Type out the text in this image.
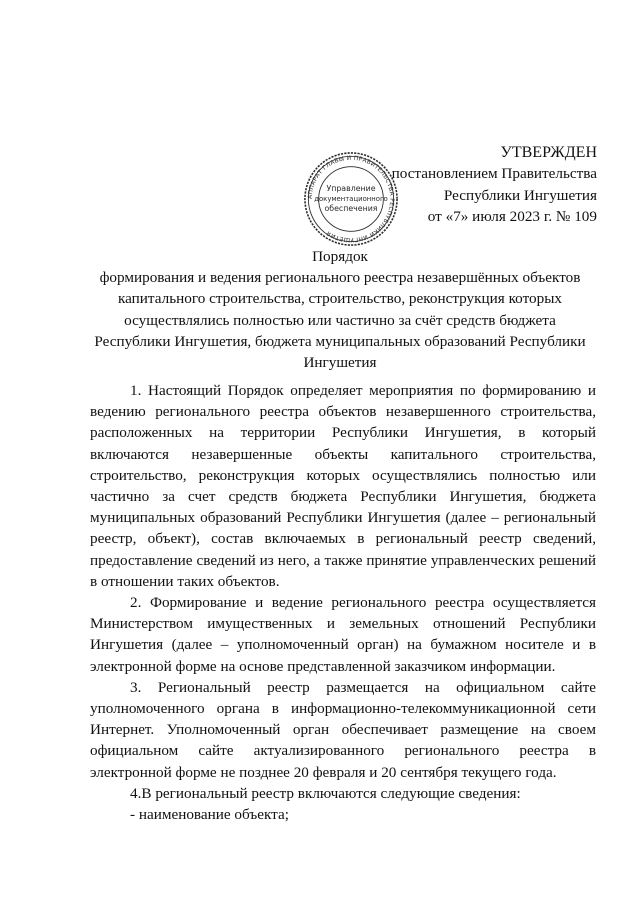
УТВЕРЖДЕН
постановлением Правительства
Республики Ингушетия
от «7» июля 2023 г. № 109
АППАРАТ ГЛАВЫ И ПРАВИТЕЛЬСТВА РЕСПУБЛИКИ ИНГУШЕТИЯ
Управление
документационного
обеспечения
Порядок
формирования и ведения регионального реестра незавершённых объектов
капитального строительства, строительство, реконструкция которых
осуществлялись полностью или частично за счёт средств бюджета
Республики Ингушетия, бюджета муниципальных образований Республики
Ингушетия

1. Настоящий Порядок определяет мероприятия по формированию и ведению регионального реестра объектов незавершенного строительства, расположенных на территории Республики Ингушетия, в который включаются незавершенные объекты капитального строительства, строительство, реконструкция которых осуществлялись полностью или частично за счет средств бюджета Республики Ингушетия, бюджета муниципальных образований Республики Ингушетия (далее – региональный реестр, объект), состав включаемых в региональный реестр сведений, предоставление сведений из него, а также принятие управленческих решений в отношении таких объектов.

2. Формирование и ведение регионального реестра осуществляется Министерством имущественных и земельных отношений Республики Ингушетия (далее – уполномоченный орган) на бумажном носителе и в электронной форме на основе представленной заказчиком информации.

3. Региональный реестр размещается на официальном сайте уполномоченного органа в информационно-телекоммуникационной сети Интернет. Уполномоченный орган обеспечивает размещение на своем официальном сайте актуализированного регионального реестра в электронной форме не позднее 20 февраля и 20 сентября текущего года.

4.В региональный реестр включаются следующие сведения:

- наименование объекта;
